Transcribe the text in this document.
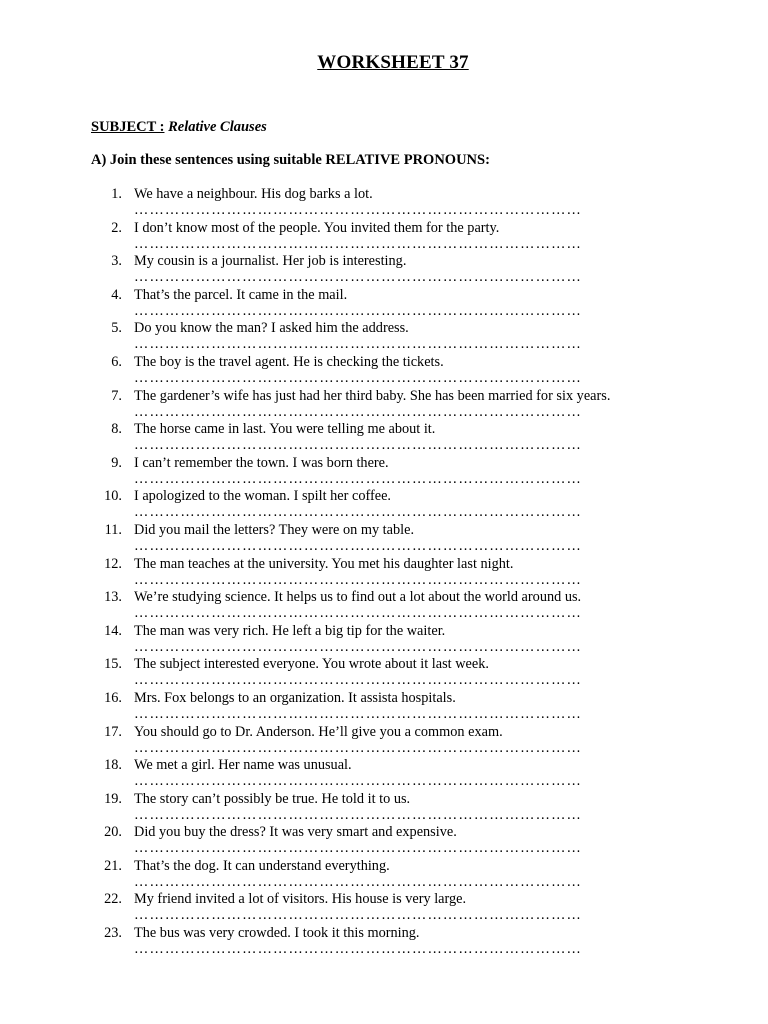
WORKSHEET 37
SUBJECT : Relative Clauses
A) Join these sentences using suitable RELATIVE PRONOUNS:
1. We have a neighbour. His dog barks a lot.
……………………………………………………………………………
2. I don’t know most of the people. You invited them for the party.
……………………………………………………………………………
3. My cousin is a journalist. Her job is interesting.
……………………………………………………………………………
4. That’s the parcel. It came in the mail.
……………………………………………………………………………
5. Do you know the man? I asked him the address.
……………………………………………………………………………
6. The boy is the travel agent. He is checking the tickets.
……………………………………………………………………………
7. The gardener’s wife has just had her third baby. She has been married for six years.
……………………………………………………………………………
8. The horse came in last. You were telling me about it.
……………………………………………………………………………
9. I can’t remember the town. I was born there.
……………………………………………………………………………
10. I apologized to the woman. I spilt her coffee.
……………………………………………………………………………
11. Did you mail the letters? They were on my table.
……………………………………………………………………………
12. The man teaches at the university. You met his daughter last night.
……………………………………………………………………………
13. We’re studying science. It helps us to find out a lot about the world around us.
……………………………………………………………………………
14. The man was very rich. He left a big tip for the waiter.
……………………………………………………………………………
15. The subject interested everyone. You wrote about it last week.
……………………………………………………………………………
16. Mrs. Fox belongs to an organization. It assista hospitals.
……………………………………………………………………………
17. You should go to Dr. Anderson. He’ll give you a common exam.
……………………………………………………………………………
18. We met a girl. Her name was unusual.
……………………………………………………………………………
19. The story can’t possibly be true. He told it to us.
……………………………………………………………………………
20. Did you buy the dress? It was very smart and expensive.
……………………………………………………………………………
21. That’s the dog. It can understand everything.
……………………………………………………………………………
22. My friend invited a lot of visitors. His house is very large.
……………………………………………………………………………
23. The bus was very crowded. I took it this morning.
……………………………………………………………………………
